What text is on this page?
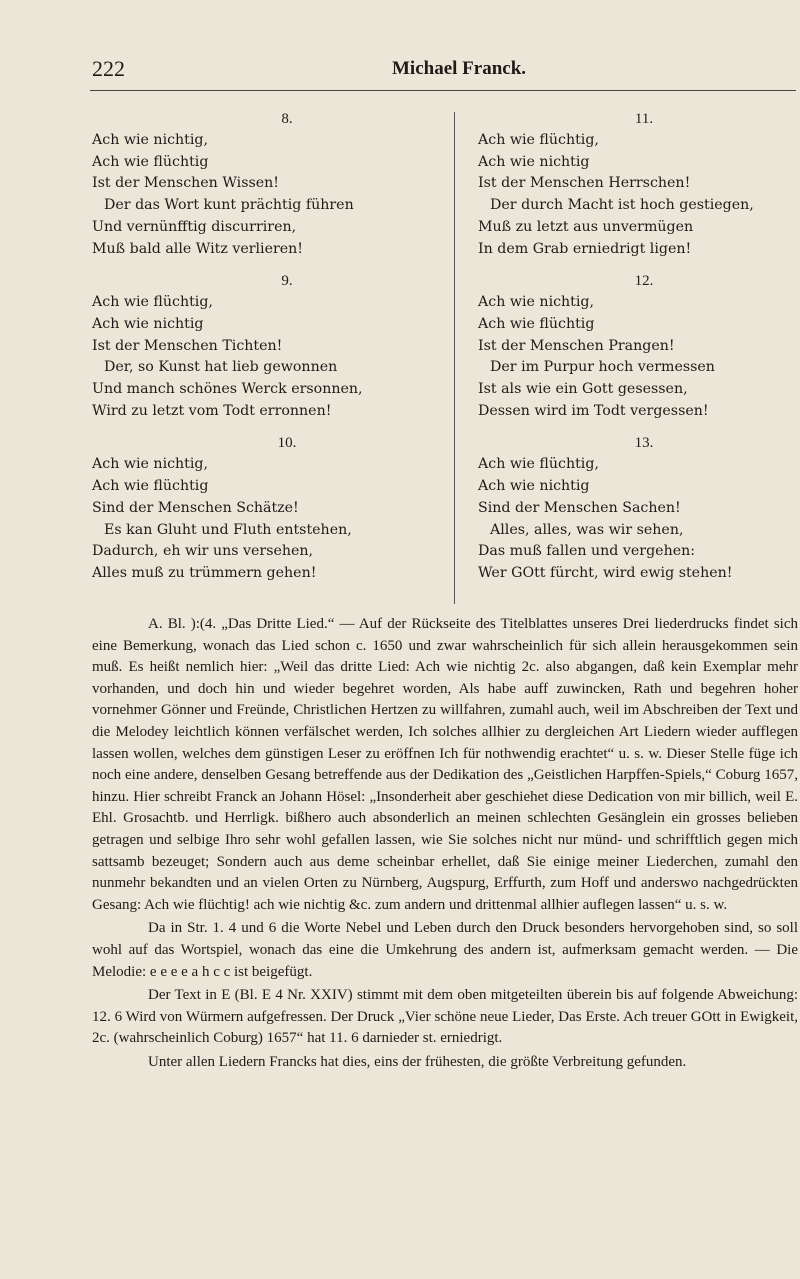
222	Michael Franck.
8.
Ach wie nichtig,
Ach wie flüchtig
Ist der Menschen Wissen!
Der das Wort kunt prächtig führen
Und vernünfftig discurriren,
Muß bald alle Witz verlieren!
9.
Ach wie flüchtig,
Ach wie nichtig
Ist der Menschen Tichten!
Der, so Kunst hat lieb gewonnen
Und manch schönes Werck ersonnen,
Wird zu letzt vom Todt erronnen!
10.
Ach wie nichtig,
Ach wie flüchtig
Sind der Menschen Schätze!
Es kan Gluht und Fluth entstehen,
Dadurch, eh wir uns versehen,
Alles muß zu trümmern gehen!
11.
Ach wie flüchtig,
Ach wie nichtig
Ist der Menschen Herrschen!
Der durch Macht ist hoch gestiegen,
Muß zu letzt aus unvermügen
In dem Grab erniedrigt ligen!
12.
Ach wie nichtig,
Ach wie flüchtig
Ist der Menschen Prangen!
Der im Purpur hoch vermessen
Ist als wie ein Gott gesessen,
Dessen wird im Todt vergessen!
13.
Ach wie flüchtig,
Ach wie nichtig
Sind der Menschen Sachen!
Alles, alles, was wir sehen,
Das muß fallen und vergehen:
Wer GOtt fürcht, wird ewig stehen!

A. Bl. ):(4. „Das Dritte Lied.“ — Auf der Rückseite des Titelblattes unseres Drei liederdrucks findet sich eine Bemerkung, wonach das Lied schon c. 1650 und zwar wahrscheinlich für sich allein herausgekommen sein muß. Es heißt nemlich hier: „Weil das dritte Lied: Ach wie nichtig 2c. also abgangen, daß kein Exemplar mehr vorhanden, und doch hin und wieder begehret worden, Als habe auff zuwincken, Rath und begehren hoher vornehmer Gönner und Freünde, Christlichen Hertzen zu willfahren, zumahl auch, weil im Abschreiben der Text und die Melodey leichtlich können verfälschet werden, Ich solches allhier zu dergleichen Art Liedern wieder aufflegen lassen wollen, welches dem günstigen Leser zu eröffnen Ich für nothwendig erachtet“ u. s. w. Dieser Stelle füge ich noch eine andere, denselben Gesang betreffende aus der Dedikation des „Geistlichen Harpffen-Spiels,“ Coburg 1657, hinzu. Hier schreibt Franck an Johann Hösel: „Insonderheit aber geschiehet diese Dedication von mir billich, weil E. Ehl. Grosachtb. und Herrligk. bißhero auch absonderlich an meinen schlechten Gesänglein ein grosses belieben getragen und selbige Ihro sehr wohl gefallen lassen, wie Sie solches nicht nur münd- und schrifftlich gegen mich sattsamb bezeuget; Sondern auch aus deme scheinbar erhellet, daß Sie einige meiner Liederchen, zumahl den nunmehr bekandten und an vielen Orten zu Nürnberg, Augspurg, Erffurth, zum Hoff und anderswo nachgedrückten Gesang: Ach wie flüchtig! ach wie nichtig &c. zum andern und drittenmal allhier auflegen lassen“ u. s. w.

Da in Str. 1. 4 und 6 die Worte Nebel und Leben durch den Druck besonders hervorgehoben sind, so soll wohl auf das Wortspiel, wonach das eine die Umkehrung des andern ist, aufmerksam gemacht werden. — Die Melodie: e e e e a h c c ist beigefügt.

Der Text in E (Bl. E 4 Nr. XXIV) stimmt mit dem oben mitgeteilten überein bis auf folgende Abweichung: 12. 6 Wird von Würmern aufgefressen. Der Druck „Vier schöne neue Lieder, Das Erste. Ach treuer GOtt in Ewigkeit, 2c. (wahrscheinlich Coburg) 1657“ hat 11. 6 darnieder st. erniedrigt.

Unter allen Liedern Francks hat dies, eins der frühesten, die größte Verbreitung gefunden.
